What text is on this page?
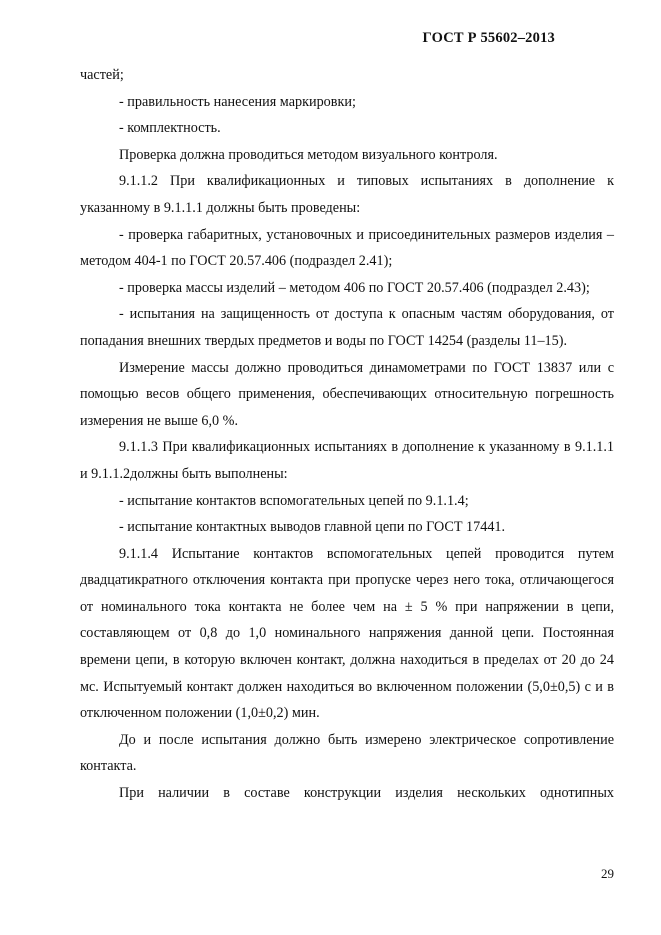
ГОСТ Р 55602–2013

частей;

- правильность нанесения маркировки;

- комплектность.

Проверка должна проводиться методом визуального контроля.

9.1.1.2 При квалификационных и типовых испытаниях в дополнение к указанному в 9.1.1.1 должны быть проведены:

- проверка габаритных, установочных и присоединительных размеров изделия – методом 404-1 по ГОСТ 20.57.406 (подраздел 2.41);

- проверка массы изделий – методом 406 по ГОСТ 20.57.406 (подраздел 2.43);

- испытания на защищенность от доступа к опасным частям оборудования, от попадания внешних твердых предметов и воды по ГОСТ 14254 (разделы 11–15).

Измерение массы должно проводиться динамометрами по ГОСТ 13837 или с помощью весов общего применения, обеспечивающих относительную погрешность измерения не выше 6,0 %.

9.1.1.3 При квалификационных испытаниях в дополнение к указанному в 9.1.1.1 и 9.1.1.2должны быть выполнены:

- испытание контактов вспомогательных цепей по 9.1.1.4;

- испытание контактных выводов главной цепи по ГОСТ 17441.

9.1.1.4 Испытание контактов вспомогательных цепей проводится путем двадцатикратного отключения контакта при пропуске через него тока, отличающегося от номинального тока контакта не более чем на ± 5 % при напряжении в цепи, составляющем от 0,8 до 1,0 номинального напряжения данной цепи. Постоянная времени цепи, в которую включен контакт, должна находиться в пределах от 20 до 24 мс. Испытуемый контакт должен находиться во включенном положении (5,0±0,5) с и в отключенном положении (1,0±0,2) мин.

До и после испытания должно быть измерено электрическое сопротивление контакта.

При наличии в составе конструкции изделия нескольких однотипных

29
